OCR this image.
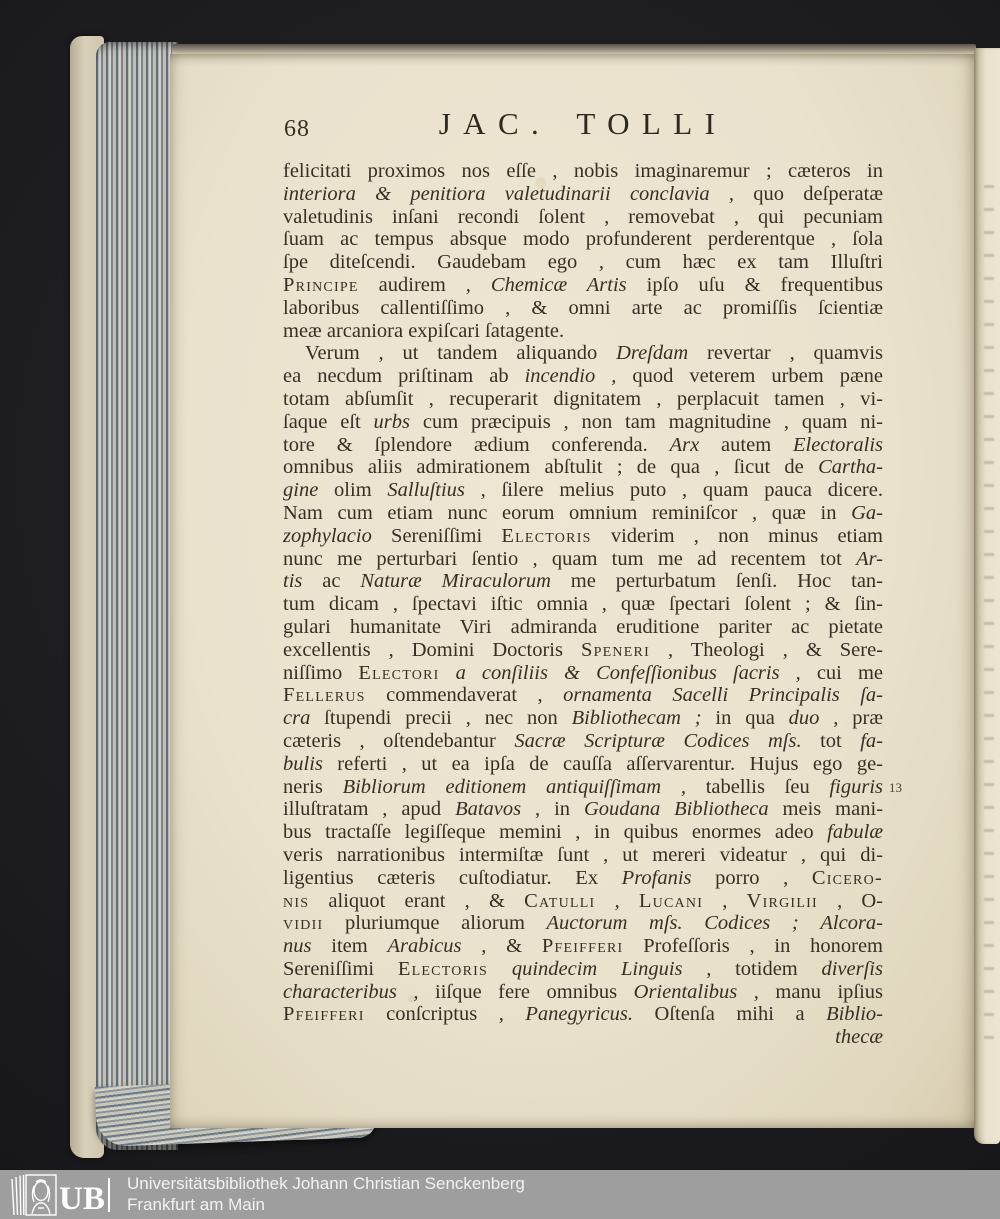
68	JAC. TOLLI
felicitati proximos nos eſſe , nobis imaginaremur ; cæteros in
interiora & penitiora valetudinarii conclavia , quo deſperatæ
valetudinis inſani recondi ſolent , removebat , qui pecuniam
ſuam ac tempus absque modo profunderent perderentque , ſola
ſpe diteſcendi. Gaudebam ego , cum hæc ex tam Illuſtri
Principe audirem , Chemicæ Artis ipſo uſu & frequentibus
laboribus callentiſſimo , & omni arte ac promiſſis ſcientiæ
meæ arcaniora expiſcari ſatagente.
Verum , ut tandem aliquando Dreſdam revertar , quamvis
ea necdum priſtinam ab incendio , quod veterem urbem pæne
totam abſumſit , recuperarit dignitatem , perplacuit tamen , vi-
ſaque eſt urbs cum præcipuis , non tam magnitudine , quam ni-
tore & ſplendore ædium conferenda. Arx autem Electoralis
omnibus aliis admirationem abſtulit ; de qua , ſicut de Cartha-
gine olim Salluſtius , ſilere melius puto , quam pauca dicere.
Nam cum etiam nunc eorum omnium reminiſcor , quæ in Ga-
zophylacio Sereniſſimi Electoris viderim , non minus etiam
nunc me perturbari ſentio , quam tum me ad recentem tot Ar-
tis ac Naturæ Miraculorum me perturbatum ſenſi. Hoc tan-
tum dicam , ſpectavi iſtic omnia , quæ ſpectari ſolent ; & ſin-
gulari humanitate Viri admiranda eruditione pariter ac pietate
excellentis , Domini Doctoris Speneri , Theologi , & Sere-
niſſimo Electori a conſiliis & Confeſſionibus ſacris , cui me
Fellerus commendaverat , ornamenta Sacelli Principalis ſa-
cra ſtupendi precii , nec non Bibliothecam ; in qua duo , præ
cæteris , oſtendebantur Sacræ Scripturæ Codices mſs. tot fa-
bulis referti , ut ea ipſa de cauſſa aſſervarentur. Hujus ego ge-
neris Bibliorum editionem antiquiſſimam , tabellis ſeu figuris
illuſtratam , apud Batavos , in Goudana Bibliotheca meis mani-
bus tractaſſe legiſſeque memini , in quibus enormes adeo fabulæ
veris narrationibus intermiſtæ ſunt , ut mereri videatur , qui di-
ligentius cæteris cuſtodiatur. Ex Profanis porro , Cicero-
nis aliquot erant , & Catulli , Lucani , Virgilii , O-
vidii pluriumque aliorum Auctorum mſs. Codices ; Alcora-
nus item Arabicus , & Pfeifferi Profeſſoris , in honorem
Sereniſſimi Electoris quindecim Linguis , totidem diverſis
characteribus , iiſque fere omnibus Orientalibus , manu ipſius
Pfeifferi conſcriptus , Panegyricus. Oſtenſa mihi a Biblio-
thecæ
13
UB Universitätsbibliothek Johann Christian Senckenberg
Frankfurt am Main
